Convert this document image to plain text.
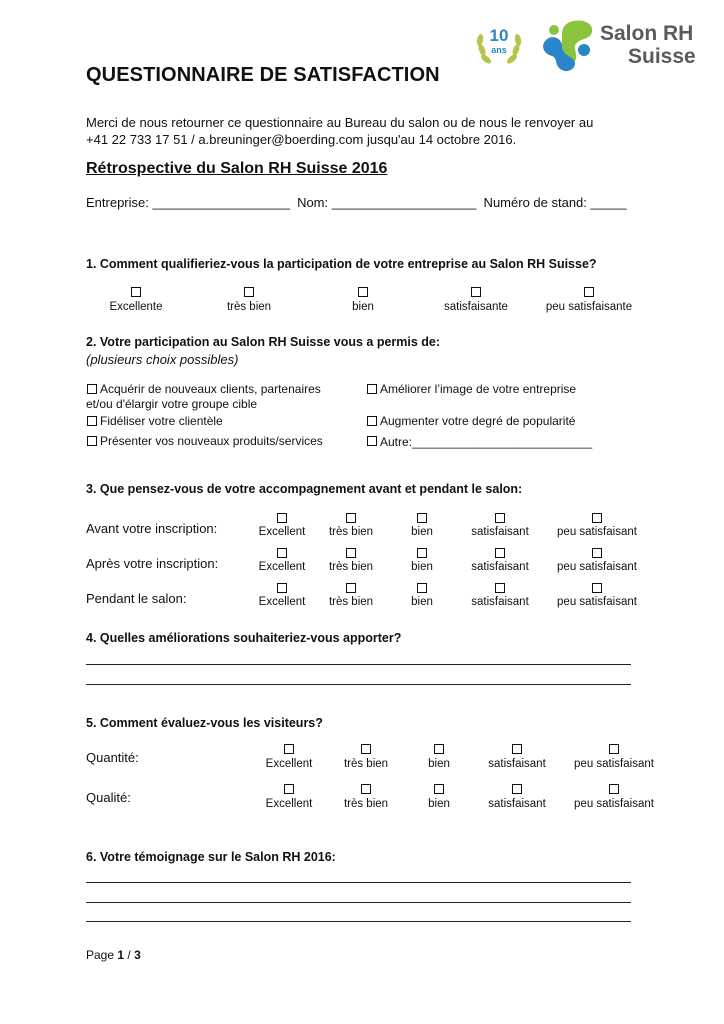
10
ans
Salon RH
Suisse
QUESTIONNAIRE DE SATISFACTION
Merci de nous retourner ce questionnaire au Bureau du salon ou de nous le renvoyer au
+41 22 733 17 51 / a.breuninger@boerding.com jusqu'au 14 octobre 2016.
Rétrospective du Salon RH Suisse 2016
Entreprise: ___________________  Nom: ____________________  Numéro de stand: _____
1. Comment qualifieriez-vous la participation de votre entreprise au Salon RH Suisse?
Excellente	très bien	bien	satisfaisante	peu satisfaisante
2. Votre participation au Salon RH Suisse vous a permis de:
(plusieurs choix possibles)
Acquérir de nouveaux clients, partenaires
et/ou d'élargir votre groupe cible
Fidéliser votre clientèle
Présenter vos nouveaux produits/services
Améliorer l’image de votre entreprise
Augmenter votre degré de popularité
Autre:___________________________
3. Que pensez-vous de votre accompagnement avant et pendant le salon:
Avant votre inscription:	Excellent	très bien	bien	satisfaisant	peu satisfaisant
Après votre inscription:	Excellent	très bien	bien	satisfaisant	peu satisfaisant
Pendant le salon:	Excellent	très bien	bien	satisfaisant	peu satisfaisant
4. Quelles améliorations souhaiteriez-vous apporter?
5. Comment évaluez-vous les visiteurs?
Quantité:	Excellent	très bien	bien	satisfaisant	peu satisfaisant
Qualité:	Excellent	très bien	bien	satisfaisant	peu satisfaisant
6. Votre témoignage sur le Salon RH 2016:
Page 1 / 3
